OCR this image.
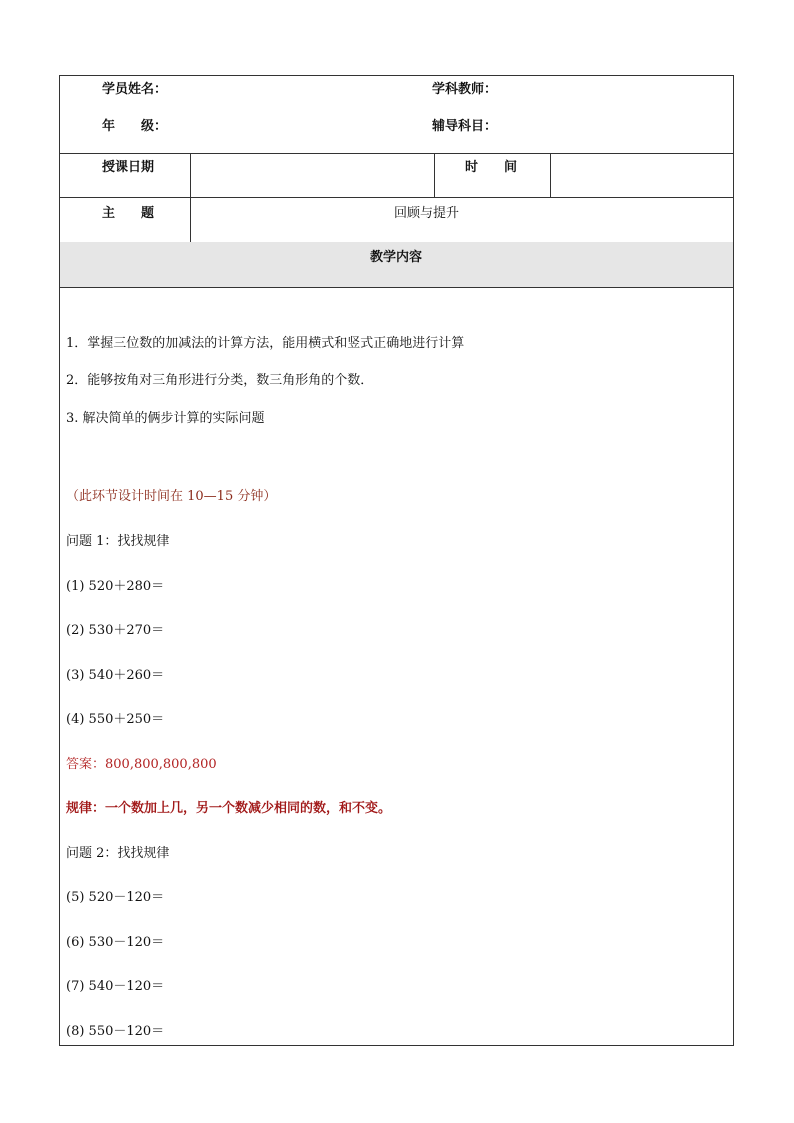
学员姓名：	学科教师：
年　　级：	辅导科目：
授课日期	时　　间
主　　题	回顾与提升
教学内容
1．掌握三位数的加减法的计算方法，能用横式和竖式正确地进行计算
2．能够按角对三角形进行分类，数三角形角的个数．
3. 解决简单的俩步计算的实际问题
（此环节设计时间在 10—15 分钟）
问题 1：找找规律
(1) 520＋280＝
(2) 530＋270＝
(3) 540＋260＝
(4) 550＋250＝
答案：800,800,800,800
规律：一个数加上几，另一个数减少相同的数，和不变。
问题 2：找找规律
(5) 520－120＝
(6) 530－120＝
(7) 540－120＝
(8) 550－120＝
